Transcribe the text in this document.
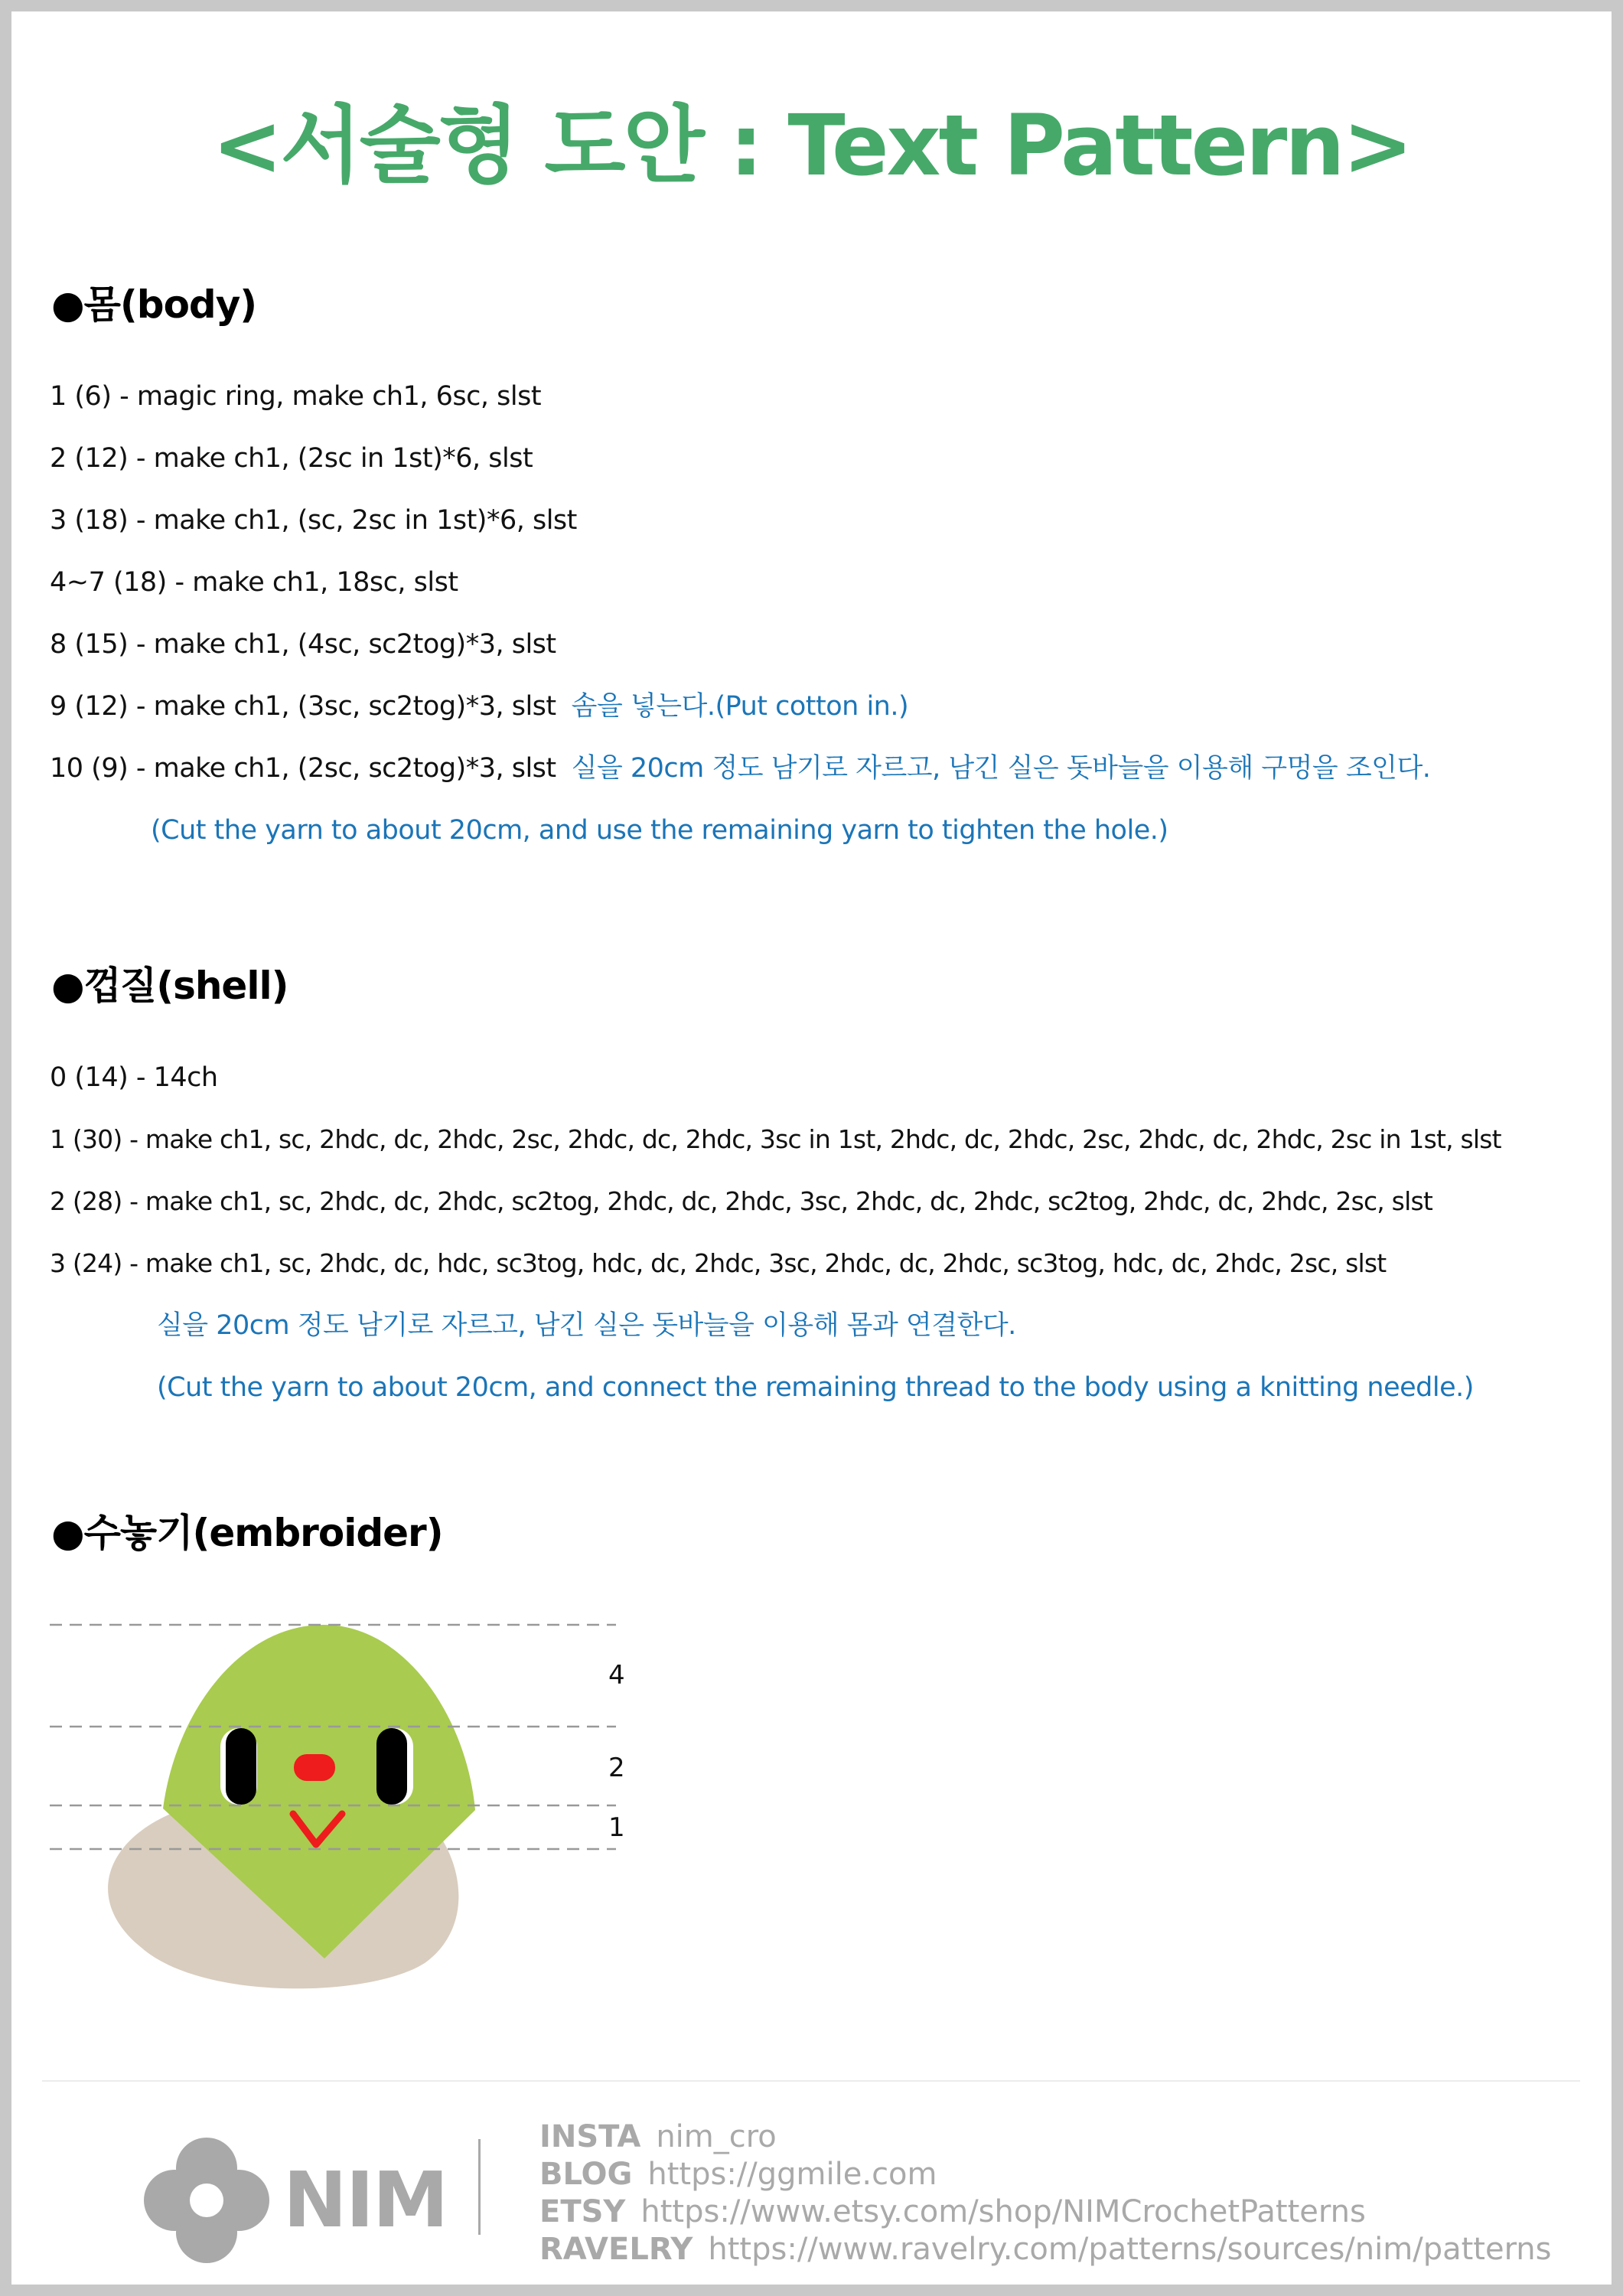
<서술형 도안 : Text Pattern>
●몸(body)
1 (6) - magic ring, make ch1, 6sc, slst
2 (12) - make ch1, (2sc in 1st)*6, slst
3 (18) - make ch1, (sc, 2sc in 1st)*6, slst
4~7 (18) - make ch1, 18sc, slst
8 (15) - make ch1, (4sc, sc2tog)*3, slst
9 (12) - make ch1, (3sc, sc2tog)*3, slst 솜을 넣는다.(Put cotton in.)
10 (9) - make ch1, (2sc, sc2tog)*3, slst 실을 20cm 정도 남기로 자르고, 남긴 실은 돗바늘을 이용해 구멍을 조인다.
(Cut the yarn to about 20cm, and use the remaining yarn to tighten the hole.)
●껍질(shell)
0 (14) - 14ch
1 (30) - make ch1, sc, 2hdc, dc, 2hdc, 2sc, 2hdc, dc, 2hdc, 3sc in 1st, 2hdc, dc, 2hdc, 2sc, 2hdc, dc, 2hdc, 2sc in 1st, slst
2 (28) - make ch1, sc, 2hdc, dc, 2hdc, sc2tog, 2hdc, dc, 2hdc, 3sc, 2hdc, dc, 2hdc, sc2tog, 2hdc, dc, 2hdc, 2sc, slst
3 (24) - make ch1, sc, 2hdc, dc, hdc, sc3tog, hdc, dc, 2hdc, 3sc, 2hdc, dc, 2hdc, sc3tog, hdc, dc, 2hdc, 2sc, slst
실을 20cm 정도 남기로 자르고, 남긴 실은 돗바늘을 이용해 몸과 연결한다.
(Cut the yarn to about 20cm, and connect the remaining thread to the body using a knitting needle.)
●수놓기(embroider)
4
2
1
NIM
INSTA nim_cro
BLOG https://ggmile.com
ETSY https://www.etsy.com/shop/NIMCrochetPatterns
RAVELRY https://www.ravelry.com/patterns/sources/nim/patterns
